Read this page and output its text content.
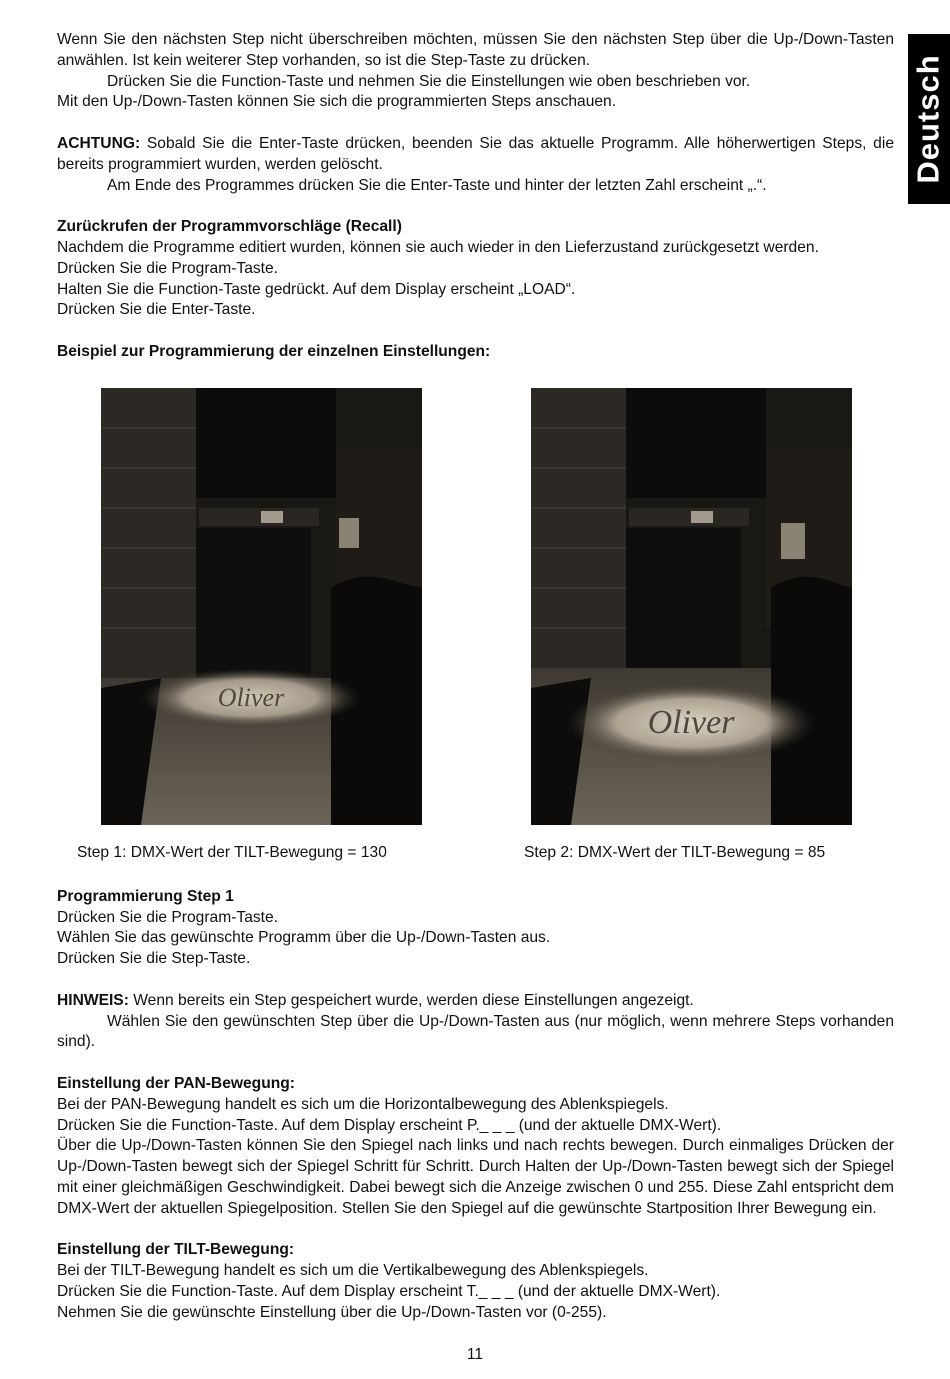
Deutsch

Wenn Sie den nächsten Step nicht überschreiben möchten, müssen Sie den nächsten Step über die Up-/Down-Tasten anwählen. Ist kein weiterer Step vorhanden, so ist die Step-Taste zu drücken.

Drücken Sie die Function-Taste und nehmen Sie die Einstellungen wie oben beschrieben vor.

Mit den Up-/Down-Tasten können Sie sich die programmierten Steps anschauen.

ACHTUNG: Sobald Sie die Enter-Taste drücken, beenden Sie das aktuelle Programm. Alle höherwertigen Steps, die bereits programmiert wurden, werden gelöscht.

Am Ende des Programmes drücken Sie die Enter-Taste und hinter der letzten Zahl erscheint „.“.

Zurückrufen der Programmvorschläge (Recall)

Nachdem die Programme editiert wurden, können sie auch wieder in den Lieferzustand zurückgesetzt werden.

Drücken Sie die Program-Taste.

Halten Sie die Function-Taste gedrückt. Auf dem Display erscheint „LOAD“.

Drücken Sie die Enter-Taste.

Beispiel zur Programmierung der einzelnen Einstellungen:

Oliver
Oliver
Step 1: DMX-Wert der TILT-Bewegung = 130	Step 2: DMX-Wert der TILT-Bewegung = 85

Programmierung Step 1

Drücken Sie die Program-Taste.

Wählen Sie das gewünschte Programm über die Up-/Down-Tasten aus.

Drücken Sie die Step-Taste.

HINWEIS: Wenn bereits ein Step gespeichert wurde, werden diese Einstellungen angezeigt.

Wählen Sie den gewünschten Step über die Up-/Down-Tasten aus (nur möglich, wenn mehrere Steps vorhanden sind).

Einstellung der PAN-Bewegung:

Bei der PAN-Bewegung handelt es sich um die Horizontalbewegung des Ablenkspiegels.

Drücken Sie die Function-Taste. Auf dem Display erscheint P._ _ _ (und der aktuelle DMX-Wert).

Über die Up-/Down-Tasten können Sie den Spiegel nach links und nach rechts bewegen. Durch einmaliges Drücken der Up-/Down-Tasten bewegt sich der Spiegel Schritt für Schritt. Durch Halten der Up-/Down-Tasten bewegt sich der Spiegel mit einer gleichmäßigen Geschwindigkeit. Dabei bewegt sich die Anzeige zwischen 0 und 255. Diese Zahl entspricht dem DMX-Wert der aktuellen Spiegelposition. Stellen Sie den Spiegel auf die gewünschte Startposition Ihrer Bewegung ein.

Einstellung der TILT-Bewegung:

Bei der TILT-Bewegung handelt es sich um die Vertikalbewegung des Ablenkspiegels.

Drücken Sie die Function-Taste. Auf dem Display erscheint T._ _ _ (und der aktuelle DMX-Wert).

Nehmen Sie die gewünschte Einstellung über die Up-/Down-Tasten vor (0-255).

11
